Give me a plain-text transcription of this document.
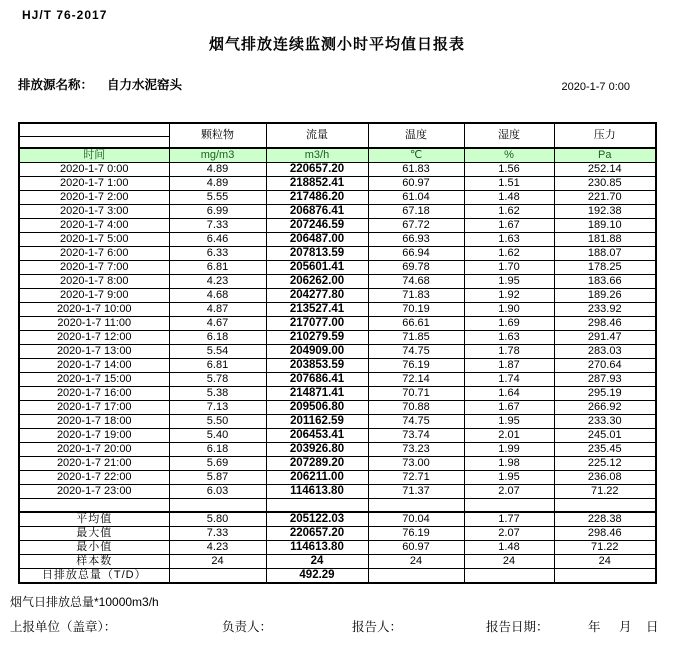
HJ/T 76-2017
烟气排放连续监测小时平均值日报表
排放源名称： 自力水泥窑头	2020-1-7 0:00
	颗粒物	流量	温度	湿度	压力

时间	mg/m3	m3/h	℃	%	Pa
2020-1-7 0:00	4.89	220657.20	61.83	1.56	252.14
2020-1-7 1:00	4.89	218852.41	60.97	1.51	230.85
2020-1-7 2:00	5.55	217486.20	61.04	1.48	221.70
2020-1-7 3:00	6.99	206876.41	67.18	1.62	192.38
2020-1-7 4:00	7.33	207246.59	67.72	1.67	189.10
2020-1-7 5:00	6.46	206487.00	66.93	1.63	181.88
2020-1-7 6:00	6.33	207813.59	66.94	1.62	188.07
2020-1-7 7:00	6.81	205601.41	69.78	1.70	178.25
2020-1-7 8:00	4.23	206262.00	74.68	1.95	183.66
2020-1-7 9:00	4.68	204277.80	71.83	1.92	189.26
2020-1-7 10:00	4.87	213527.41	70.19	1.90	233.92
2020-1-7 11:00	4.67	217077.00	66.61	1.69	298.46
2020-1-7 12:00	6.18	210279.59	71.85	1.63	291.47
2020-1-7 13:00	5.54	204909.00	74.75	1.78	283.03
2020-1-7 14:00	6.81	203853.59	76.19	1.87	270.64
2020-1-7 15:00	5.78	207686.41	72.14	1.74	287.93
2020-1-7 16:00	5.38	214871.41	70.71	1.64	295.19
2020-1-7 17:00	7.13	209506.80	70.88	1.67	266.92
2020-1-7 18:00	5.50	201162.59	74.75	1.95	233.30
2020-1-7 19:00	5.40	206453.41	73.74	2.01	245.01
2020-1-7 20:00	6.18	203926.80	73.23	1.99	235.45
2020-1-7 21:00	5.69	207289.20	73.00	1.98	225.12
2020-1-7 22:00	5.87	206211.00	72.71	1.95	236.08
2020-1-7 23:00	6.03	114613.80	71.37	2.07	71.22

平均值	5.80	205122.03	70.04	1.77	228.38
最大值	7.33	220657.20	76.19	2.07	298.46
最小值	4.23	114613.80	60.97	1.48	71.22
样本数	24	24	24	24	24
日排放总量（T/D）		492.29			
烟气日排放总量*10000m3/h
上报单位（盖章）：	负责人：	报告人：	报告日期：	年 月 日
